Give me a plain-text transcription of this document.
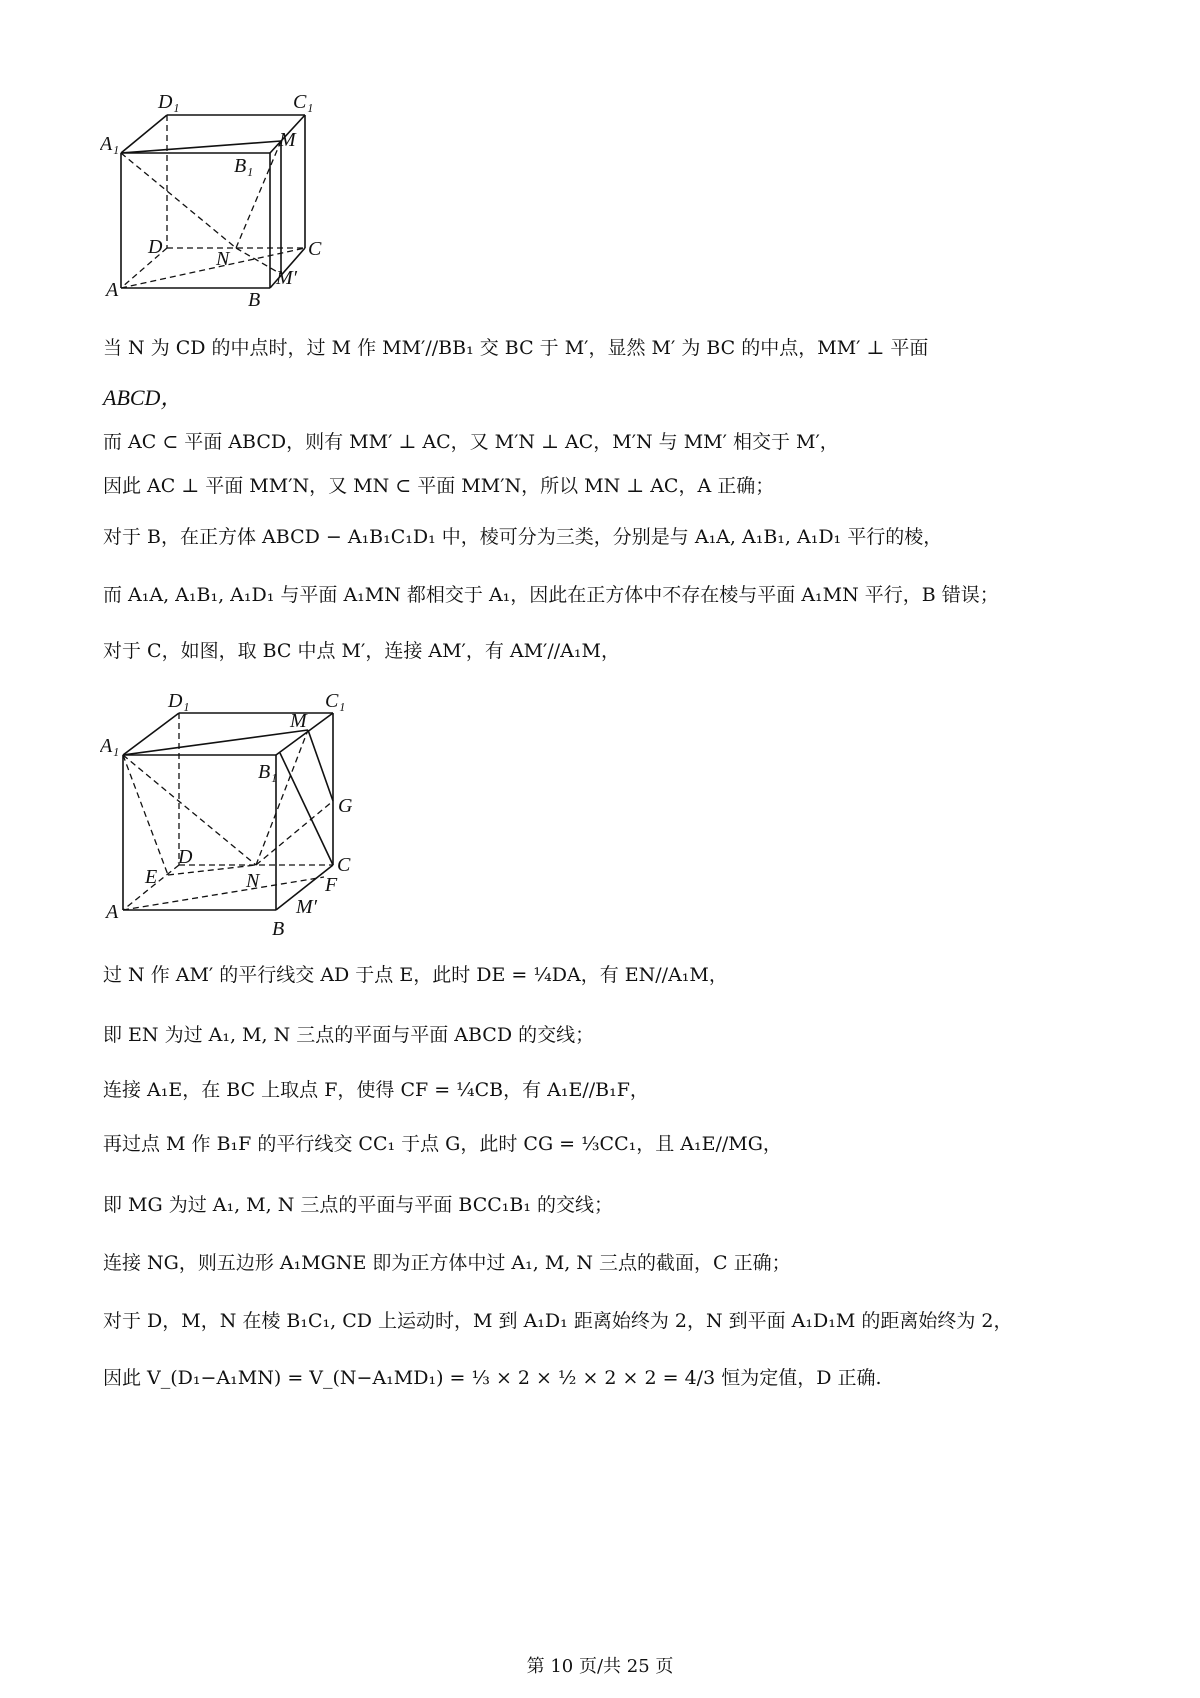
D₁	C₁
A₁	M
B₁
D	C
N
M′
A	B
当 N 为 CD 的中点时，过 M 作 MM′//BB₁ 交 BC 于 M′，显然 M′ 为 BC 的中点，MM′ ⊥ 平面
ABCD，
而 AC ⊂ 平面 ABCD，则有 MM′ ⊥ AC，又 M′N ⊥ AC，M′N 与 MM′ 相交于 M′，
因此 AC ⊥ 平面 MM′N，又 MN ⊂ 平面 MM′N，所以 MN ⊥ AC，A 正确；
对于 B，在正方体 ABCD − A₁B₁C₁D₁ 中，棱可分为三类，分别是与 A₁A, A₁B₁, A₁D₁ 平行的棱，
而 A₁A, A₁B₁, A₁D₁ 与平面 A₁MN 都相交于 A₁，因此在正方体中不存在棱与平面 A₁MN 平行，B 错误；
对于 C，如图，取 BC 中点 M′，连接 AM′，有 AM′//A₁M，
D₁	C₁
A₁
M
B₁
G
D	C
E	N	F
M′
A
B
过 N 作 AM′ 的平行线交 AD 于点 E，此时 DE = ¼DA，有 EN//A₁M，
即 EN 为过 A₁, M, N 三点的平面与平面 ABCD 的交线；
连接 A₁E，在 BC 上取点 F，使得 CF = ¼CB，有 A₁E//B₁F，
再过点 M 作 B₁F 的平行线交 CC₁ 于点 G，此时 CG = ⅓CC₁，且 A₁E//MG，
即 MG 为过 A₁, M, N 三点的平面与平面 BCC₁B₁ 的交线；
连接 NG，则五边形 A₁MGNE 即为正方体中过 A₁, M, N 三点的截面，C 正确；
对于 D，M，N 在棱 B₁C₁, CD 上运动时，M 到 A₁D₁ 距离始终为 2，N 到平面 A₁D₁M 的距离始终为 2，
因此 V_(D₁−A₁MN) = V_(N−A₁MD₁) = ⅓ × 2 × ½ × 2 × 2 = 4/3 恒为定值，D 正确.
第 10 页/共 25 页
